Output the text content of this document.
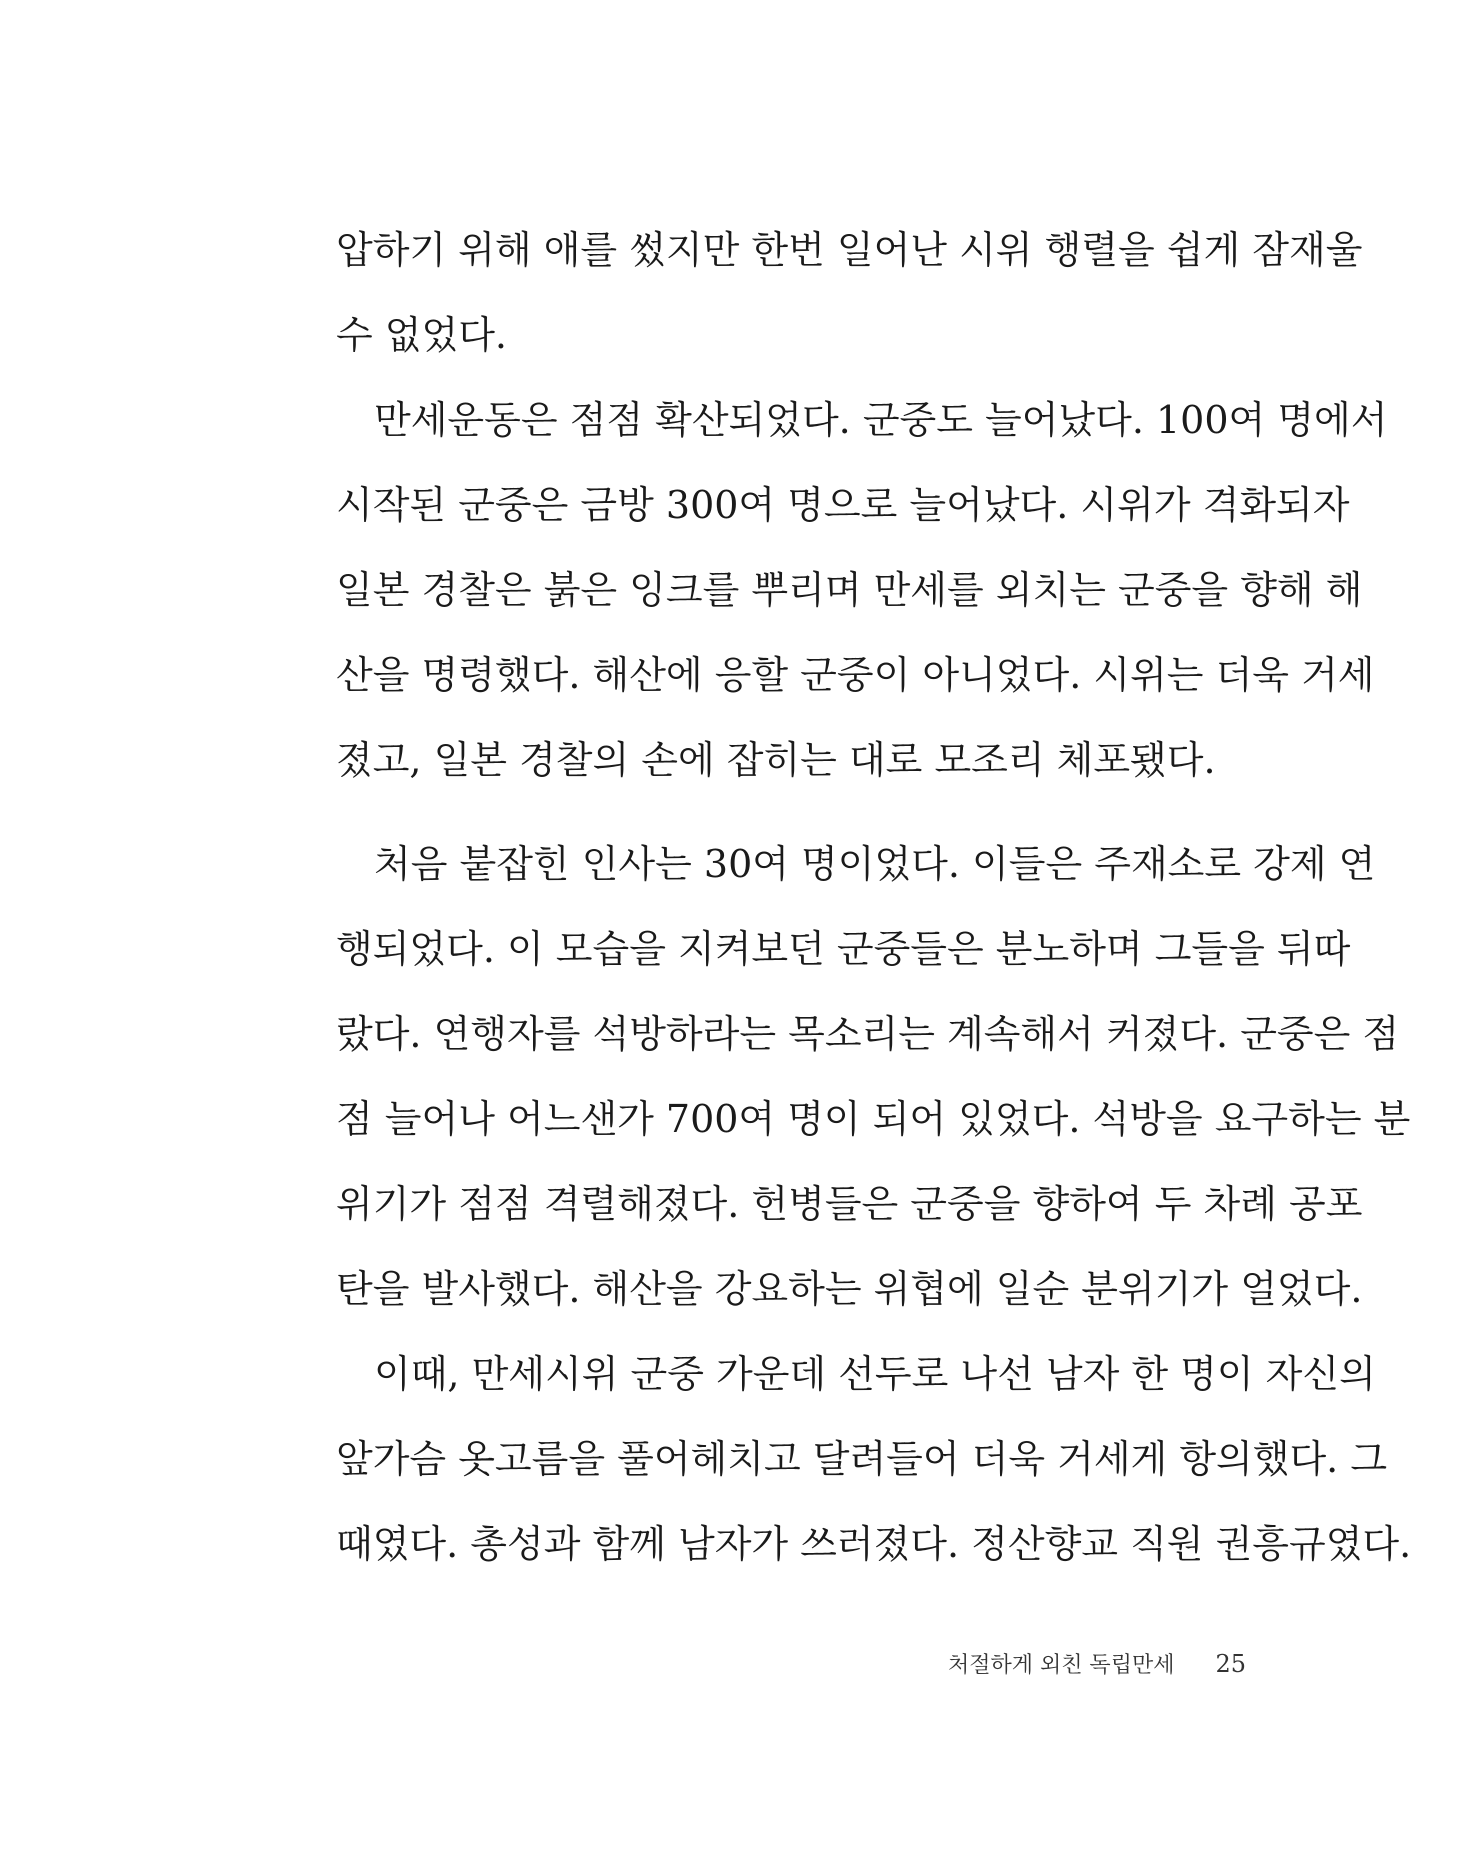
압하기 위해 애를 썼지만 한번 일어난 시위 행렬을 쉽게 잠재울
수 없었다.
만세운동은 점점 확산되었다. 군중도 늘어났다. 100여 명에서
시작된 군중은 금방 300여 명으로 늘어났다. 시위가 격화되자
일본 경찰은 붉은 잉크를 뿌리며 만세를 외치는 군중을 향해 해
산을 명령했다. 해산에 응할 군중이 아니었다. 시위는 더욱 거세
졌고, 일본 경찰의 손에 잡히는 대로 모조리 체포됐다.
처음 붙잡힌 인사는 30여 명이었다. 이들은 주재소로 강제 연
행되었다. 이 모습을 지켜보던 군중들은 분노하며 그들을 뒤따
랐다. 연행자를 석방하라는 목소리는 계속해서 커졌다. 군중은 점
점 늘어나 어느샌가 700여 명이 되어 있었다. 석방을 요구하는 분
위기가 점점 격렬해졌다. 헌병들은 군중을 향하여 두 차례 공포
탄을 발사했다. 해산을 강요하는 위협에 일순 분위기가 얼었다.
이때, 만세시위 군중 가운데 선두로 나선 남자 한 명이 자신의
앞가슴 옷고름을 풀어헤치고 달려들어 더욱 거세게 항의했다. 그
때였다. 총성과 함께 남자가 쓰러졌다. 정산향교 직원 권흥규였다.
처절하게 외친 독립만세 25
